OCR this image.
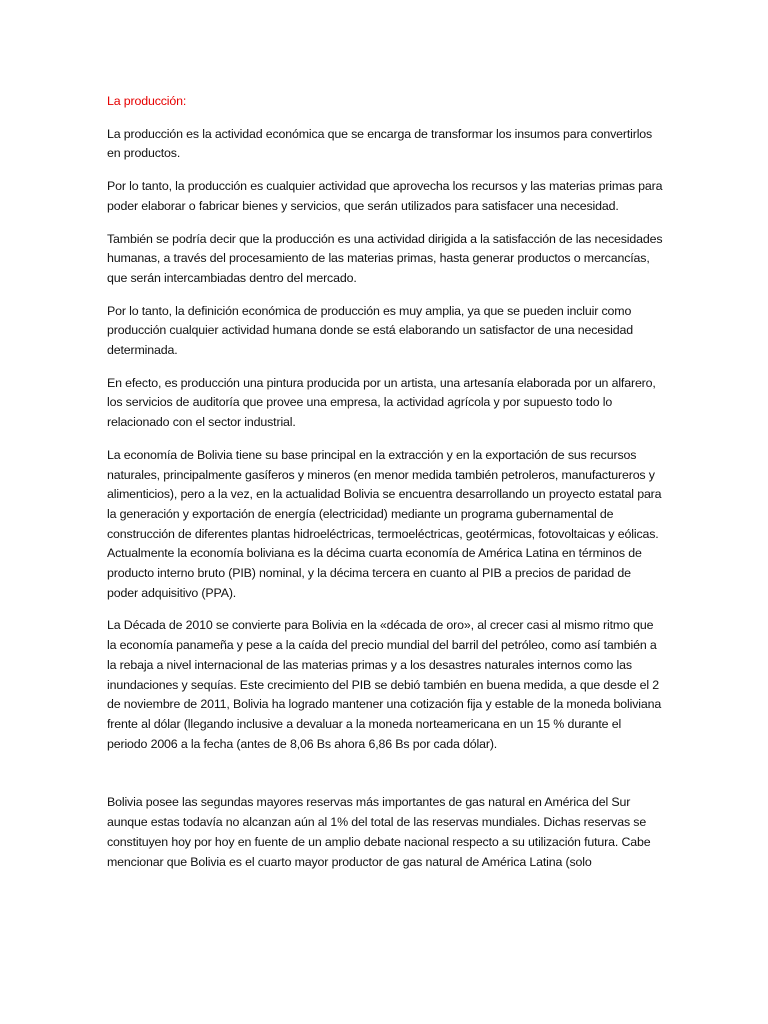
La producción:

La producción es la actividad económica que se encarga de transformar los insumos para convertirlos en productos.

Por lo tanto, la producción es cualquier actividad que aprovecha los recursos y las materias primas para poder elaborar o fabricar bienes y servicios, que serán utilizados para satisfacer una necesidad.

También se podría decir que la producción es una actividad dirigida a la satisfacción de las necesidades humanas, a través del procesamiento de las materias primas, hasta generar productos o mercancías, que serán intercambiadas dentro del mercado.

Por lo tanto, la definición económica de producción es muy amplia, ya que se pueden incluir como producción cualquier actividad humana donde se está elaborando un satisfactor de una necesidad determinada.

En efecto, es producción una pintura producida por un artista, una artesanía elaborada por un alfarero, los servicios de auditoría que provee una empresa, la actividad agrícola y por supuesto todo lo relacionado con el sector industrial.

La economía de Bolivia tiene su base principal en la extracción y en la exportación de sus recursos naturales, principalmente gasíferos y mineros (en menor medida también petroleros, manufactureros y alimenticios), pero a la vez, en la actualidad Bolivia se encuentra desarrollando un proyecto estatal para la generación y exportación de energía (electricidad) mediante un programa gubernamental de construcción de diferentes plantas hidroeléctricas, termoeléctricas, geotérmicas, fotovoltaicas y eólicas. Actualmente la economía boliviana es la décima cuarta economía de América Latina en términos de producto interno bruto (PIB) nominal, y la décima tercera en cuanto al PIB a precios de paridad de poder adquisitivo (PPA).

La Década de 2010 se convierte para Bolivia en la «década de oro», al crecer casi al mismo ritmo que la economía panameña y pese a la caída del precio mundial del barril del petróleo, como así también a la rebaja a nivel internacional de las materias primas y a los desastres naturales internos como las inundaciones y sequías. Este crecimiento del PIB se debió también en buena medida, a que desde el 2 de noviembre de 2011, Bolivia ha logrado mantener una cotización fija y estable de la moneda boliviana frente al dólar (llegando inclusive a devaluar a la moneda norteamericana en un 15 % durante el periodo 2006 a la fecha (antes de 8,06 Bs ahora 6,86 Bs por cada dólar).

Bolivia posee las segundas mayores reservas más importantes de gas natural en América del Sur aunque estas todavía no alcanzan aún al 1% del total de las reservas mundiales. Dichas reservas se constituyen hoy por hoy en fuente de un amplio debate nacional respecto a su utilización futura. Cabe mencionar que Bolivia es el cuarto mayor productor de gas natural de América Latina (solo
